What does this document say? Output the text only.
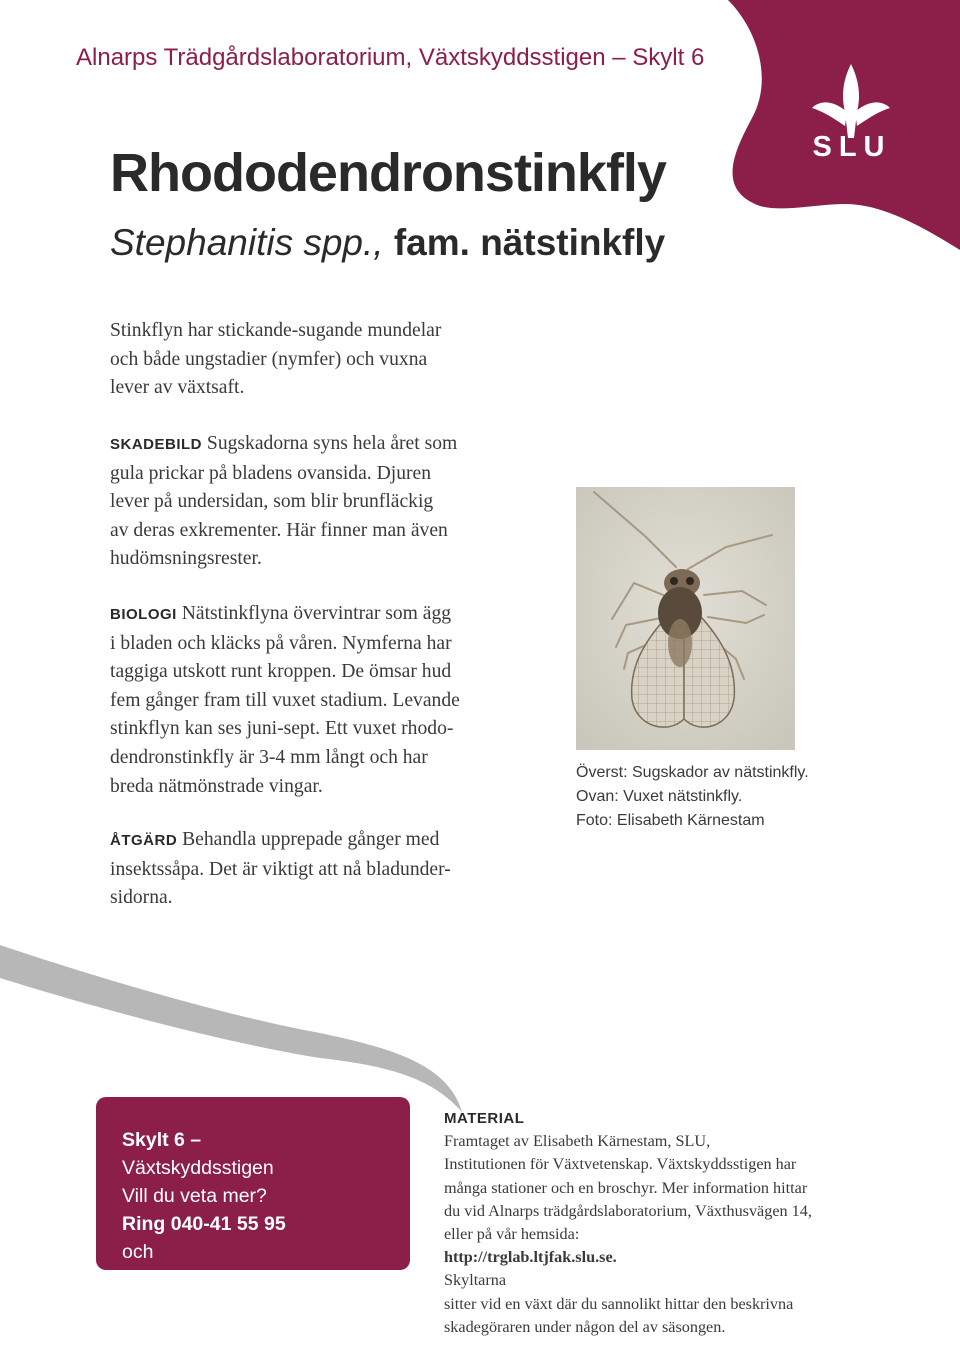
SLU
Alnarps Trädgårdslaboratorium, Växtskyddsstigen – Skylt 6
Rhododendronstinkfly
Stephanitis spp., fam. nätstinkfly
Stinkflyn har stickande-sugande mundelar
och både ungstadier (nymfer) och vuxna
lever av växtsaft.
SKADEBILD Sugskadorna syns hela året som
gula prickar på bladens ovansida. Djuren
lever på undersidan, som blir brunfläckig
av deras exkrementer. Här finner man även
hudömsningsrester.
BIOLOGI Nätstinkflyna övervintrar som ägg
i bladen och kläcks på våren. Nymferna har
taggiga utskott runt kroppen. De ömsar hud
fem gånger fram till vuxet stadium. Levande
stinkflyn kan ses juni-sept. Ett vuxet rhodo-
dendronstinkfly är 3-4 mm långt och har
breda nätmönstrade vingar.
ÅTGÄRD Behandla upprepade gånger med
insektssåpa. Det är viktigt att nå bladunder-
sidorna.
Överst: Sugskador av nätstinkfly.
Ovan: Vuxet nätstinkfly.
Foto: Elisabeth Kärnestam
Skylt 6 –
Växtskyddsstigen
Vill du veta mer?
Ring 040-41 55 95
och
tryck in skyltens nummer.
MATERIAL
Framtaget av Elisabeth Kärnestam, SLU,
Institutionen för Växtvetenskap. Växtskyddsstigen har
många stationer och en broschyr. Mer information hittar
du vid Alnarps trädgårdslaboratorium, Växthusvägen 14,
eller på vår hemsida:
http://trglab.ltjfak.slu.se.
Skyltarna
sitter vid en växt där du sannolikt hittar den beskrivna
skadegöraren under någon del av säsongen.
